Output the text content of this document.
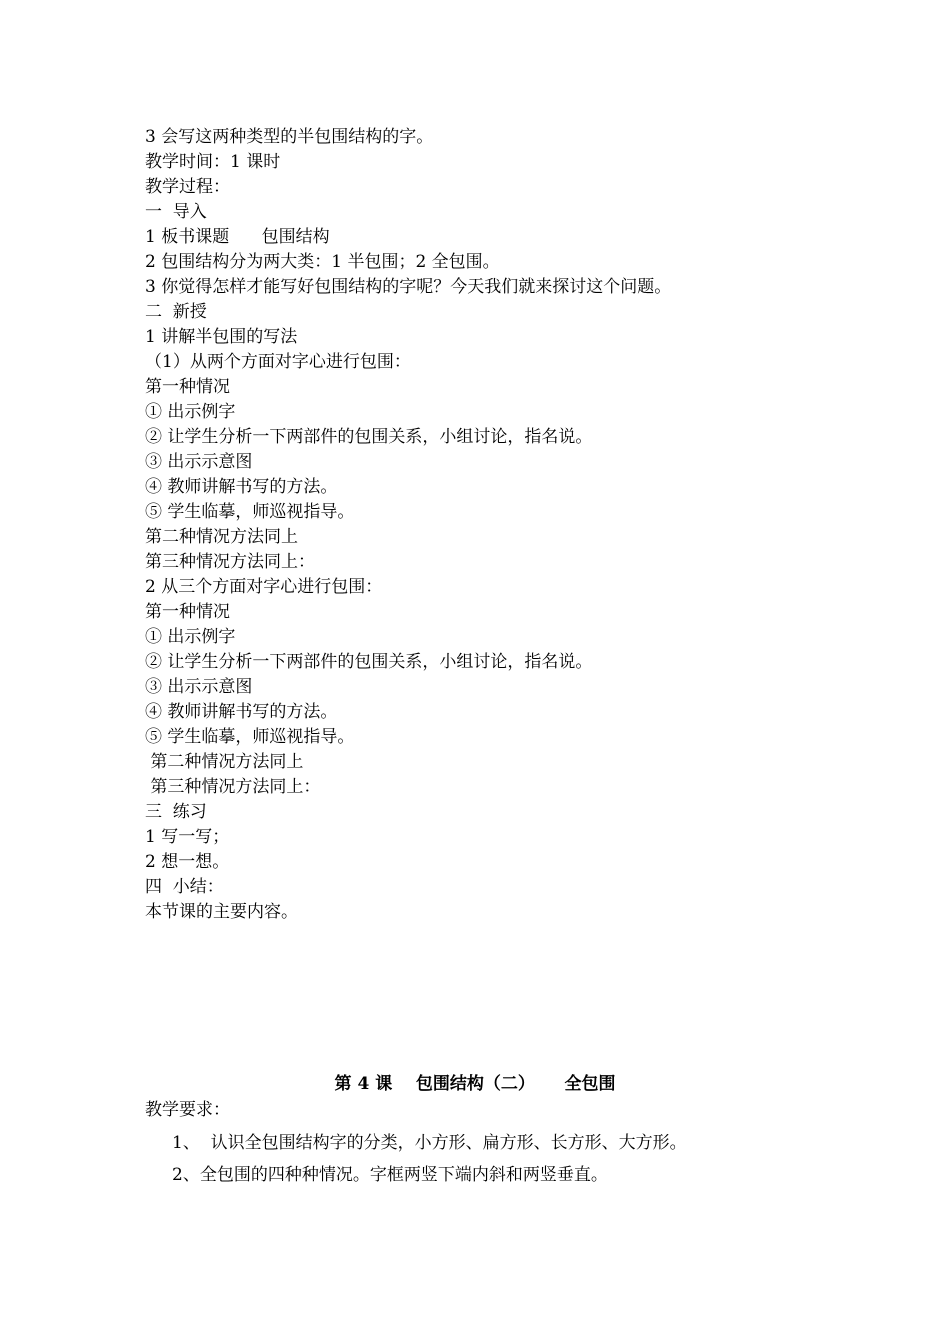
3 会写这两种类型的半包围结构的字。
教学时间：1 课时
教学过程：
一  导入
1 板书课题      包围结构
2 包围结构分为两大类：1 半包围；2 全包围。
3 你觉得怎样才能写好包围结构的字呢？今天我们就来探讨这个问题。
二  新授
1 讲解半包围的写法
（1）从两个方面对字心进行包围：
第一种情况
① 出示例字
② 让学生分析一下两部件的包围关系，小组讨论，指名说。
③ 出示示意图
④ 教师讲解书写的方法。
⑤ 学生临摹，师巡视指导。
第二种情况方法同上
第三种情况方法同上：
2 从三个方面对字心进行包围：
第一种情况
① 出示例字
② 让学生分析一下两部件的包围关系，小组讨论，指名说。
③ 出示示意图
④ 教师讲解书写的方法。
⑤ 学生临摹，师巡视指导。
第二种情况方法同上
第三种情况方法同上：
三  练习
1 写一写；
2 想一想。
四  小结：
本节课的主要内容。
第 4 课    包围结构（二）     全包围
教学要求：
1、  认识全包围结构字的分类，小方形、扁方形、长方形、大方形。
2、全包围的四种种情况。字框两竖下端内斜和两竖垂直。
